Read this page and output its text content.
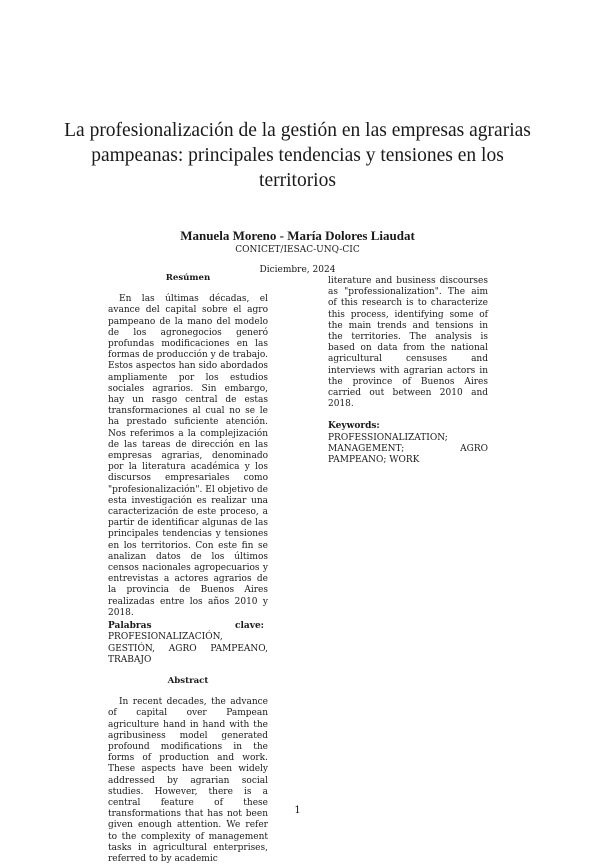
La profesionalización de la gestión en las empresas agrarias pampeanas: principales tendencias y tensiones en los territorios
Manuela Moreno - María Dolores Liaudat
CONICET/IESAC-UNQ-CIC
Diciembre, 2024
Resúmen

En las últimas décadas, el avance del capital sobre el agro pampeano de la mano del modelo de los agronegocios generó profundas modificaciones en las formas de producción y de trabajo. Estos aspectos han sido abordados ampliamente por los estudios sociales agrarios. Sin embargo, hay un rasgo central de estas transformaciones al cual no se le ha prestado suficiente atención. Nos referimos a la complejización de las tareas de dirección en las empresas agrarias, denominado por la literatura académica y los discursos empresariales como "profesionalización". El objetivo de esta investigación es realizar una caracterización de este proceso, a partir de identificar algunas de las principales tendencias y tensiones en los territorios. Con este fin se analizan datos de los últimos censos nacionales agropecuarios y entrevistas a actores agrarios de la provincia de Buenos Aires realizadas entre los años 2010 y 2018.

Palabras clave: PROFESIONALIZACIÓN, GESTIÓN, AGRO PAMPEANO, TRABAJO

Abstract

In recent decades, the advance of capital over Pampean agriculture hand in hand with the agribusiness model generated profound modifications in the forms of production and work. These aspects have been widely addressed by agrarian social studies. However, there is a central feature of these transformations that has not been given enough attention. We refer to the complexity of management tasks in agricultural enterprises, referred to by academic

literature and business discourses as "professionalization". The aim of this research is to characterize this process, identifying some of the main trends and tensions in the territories. The analysis is based on data from the national agricultural censuses and interviews with agrarian actors in the province of Buenos Aires carried out between 2010 and 2018.

Keywords: PROFESSIONALIZATION; MANAGEMENT; AGRO PAMPEANO; WORK

1
